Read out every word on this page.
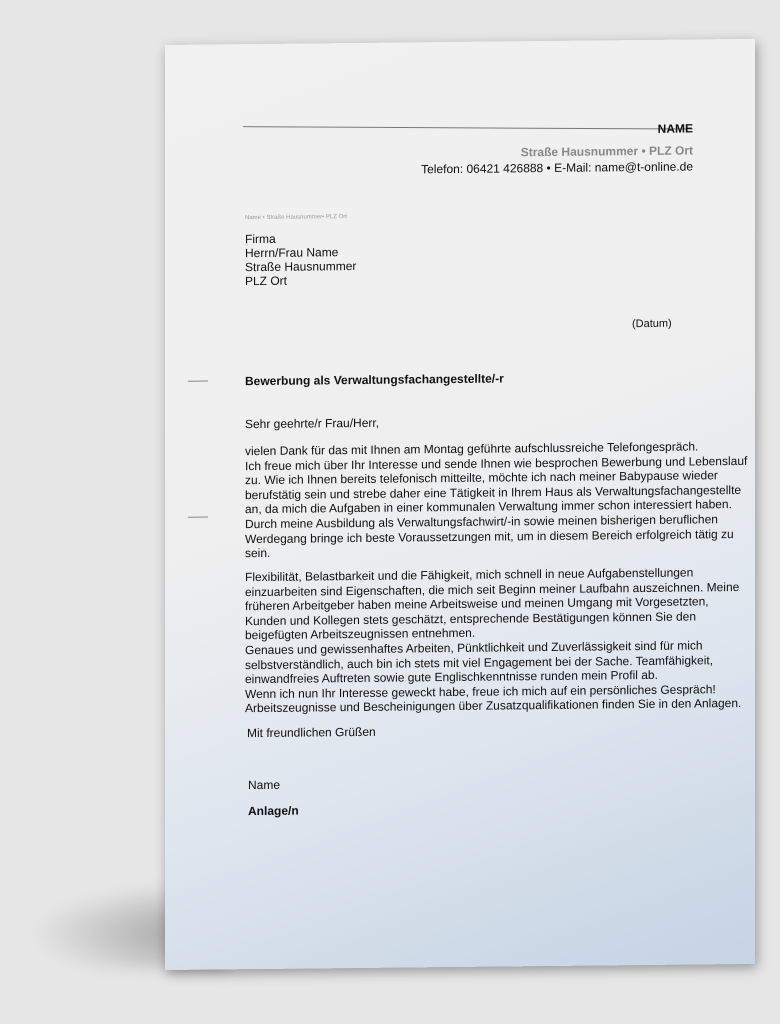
NAME
Straße Hausnummer • PLZ Ort
Telefon: 06421 426888 • E-Mail: name@t-online.de
Name • Straße Hausnummer• PLZ Ort
Firma
Herrn/Frau Name
Straße Hausnummer
PLZ Ort
(Datum)
Bewerbung als Verwaltungsfachangestellte/-r
Sehr geehrte/r Frau/Herr,
vielen Dank für das mit Ihnen am Montag geführte aufschlussreiche Telefongespräch.
Ich freue mich über Ihr Interesse und sende Ihnen wie besprochen Bewerbung und Lebenslauf
zu. Wie ich Ihnen bereits telefonisch mitteilte, möchte ich nach meiner Babypause wieder
berufstätig sein und strebe daher eine Tätigkeit in Ihrem Haus als Verwaltungsfachangestellte
an, da mich die Aufgaben in einer kommunalen Verwaltung immer schon interessiert haben.
Durch meine Ausbildung als Verwaltungsfachwirt/-in sowie meinen bisherigen beruflichen
Werdegang bringe ich beste Voraussetzungen mit, um in diesem Bereich erfolgreich tätig zu
sein.
Flexibilität, Belastbarkeit und die Fähigkeit, mich schnell in neue Aufgabenstellungen
einzuarbeiten sind Eigenschaften, die mich seit Beginn meiner Laufbahn auszeichnen. Meine
früheren Arbeitgeber haben meine Arbeitsweise und meinen Umgang mit Vorgesetzten,
Kunden und Kollegen stets geschätzt, entsprechende Bestätigungen können Sie den
beigefügten Arbeitszeugnissen entnehmen.
Genaues und gewissenhaftes Arbeiten, Pünktlichkeit und Zuverlässigkeit sind für mich
selbstverständlich, auch bin ich stets mit viel Engagement bei der Sache. Teamfähigkeit,
einwandfreies Auftreten sowie gute Englischkenntnisse runden mein Profil ab.
Wenn ich nun Ihr Interesse geweckt habe, freue ich mich auf ein persönliches Gespräch!
Arbeitszeugnisse und Bescheinigungen über Zusatzqualifikationen finden Sie in den Anlagen.
Mit freundlichen Grüßen
Name
Anlage/n
